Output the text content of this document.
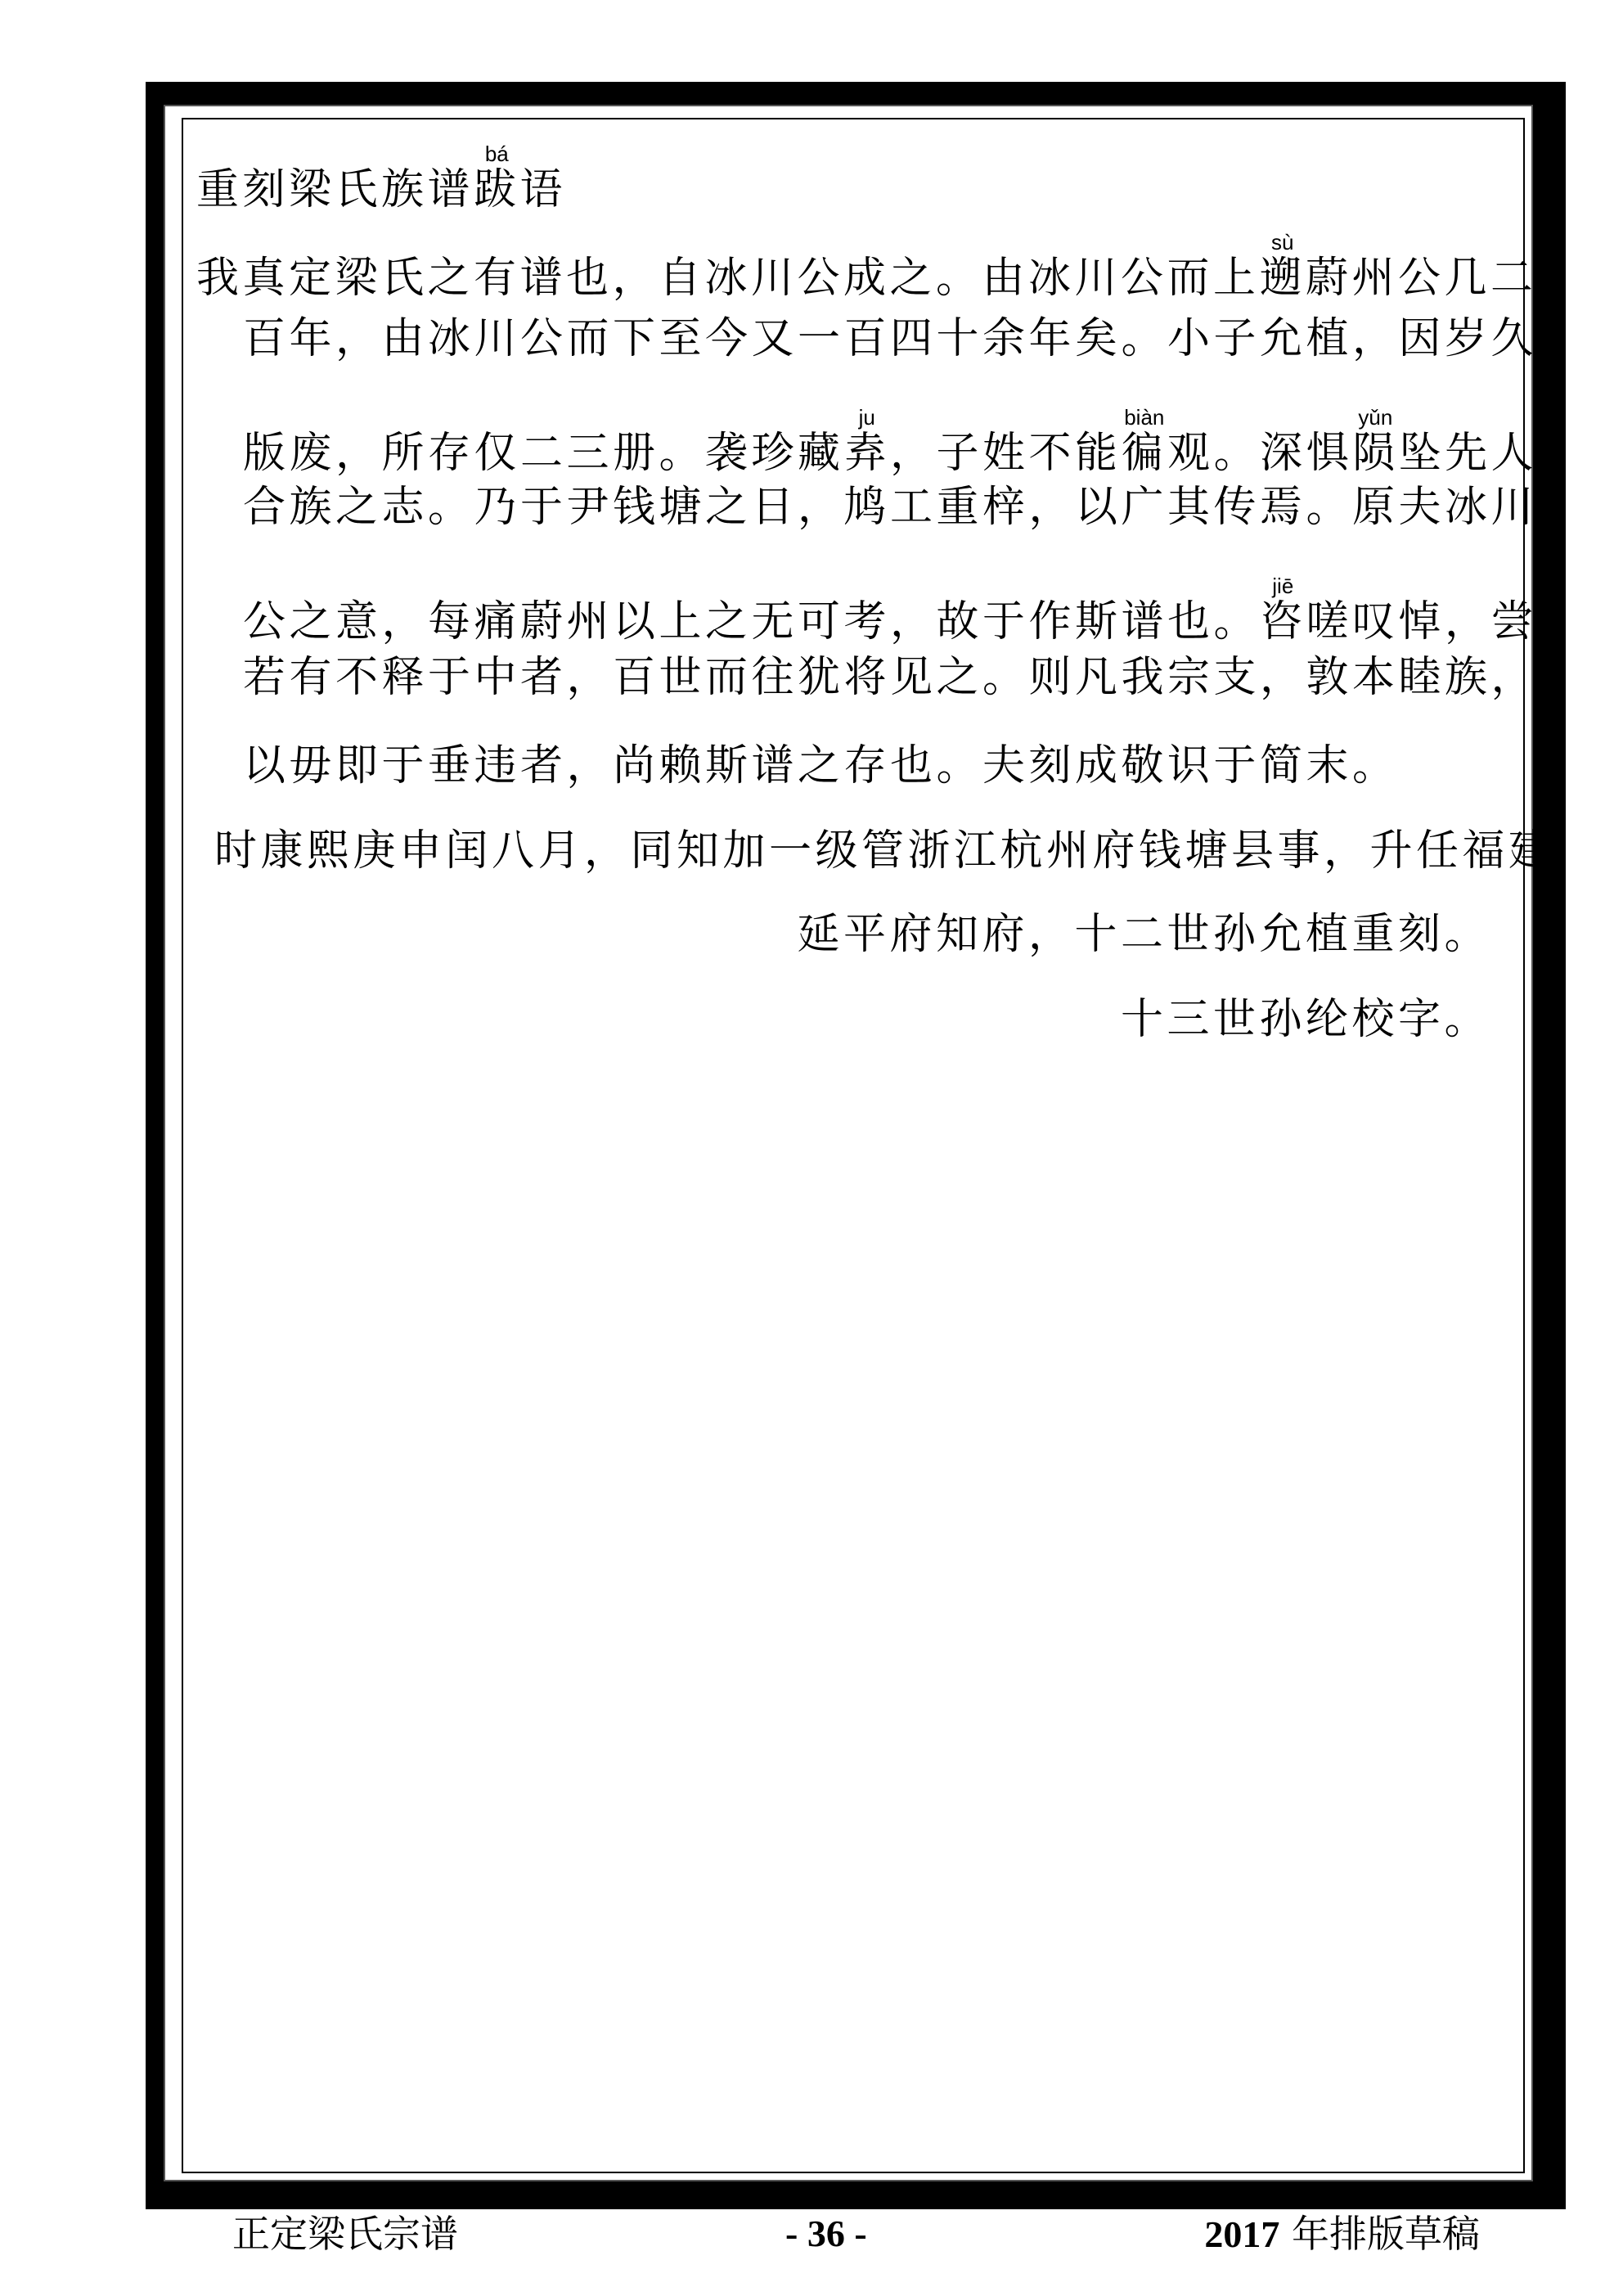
重刻梁氏族谱跋bá语
我真定梁氏之有谱也，自冰川公成之。由冰川公而上遡sù蔚州公几二
百年，由冰川公而下至今又一百四十余年矣。小子允植，因岁久
版废，所存仅二三册。袭珍藏弆ju，子姓不能徧biàn观。深惧陨yǔn坠先人
合族之志。乃于尹钱塘之日，鸠工重梓，以广其传焉。原夫冰川
公之意，每痛蔚州以上之无可考，故于作斯谱也。咨jiē嗟叹悼，尝
若有不释于中者，百世而往犹将见之。则凡我宗支，敦本睦族，
以毋即于垂违者，尚赖斯谱之存也。夫刻成敬识于简末。
时康熙庚申闰八月，同知加一级管浙江杭州府钱塘县事，升任福建
延平府知府，十二世孙允植重刻。
十三世孙纶校字。
正定梁氏宗谱	- 36 -	2017 年排版草稿
